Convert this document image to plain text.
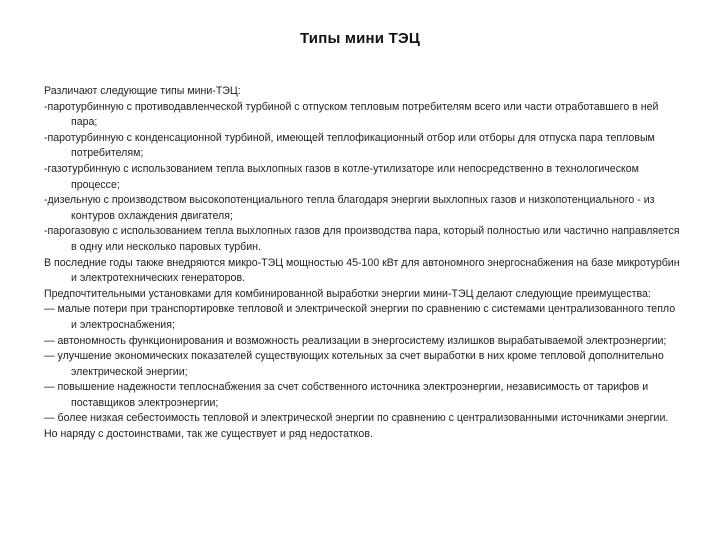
Типы мини ТЭЦ

Различают следующие типы мини-ТЭЦ:

-паротурбинную с противодавленческой турбиной с отпуском тепловым потребителям всего или части отработавшего в ней пара;

-паротурбинную с конденсационной турбиной, имеющей теплофикационный отбор или отборы для отпуска пара тепловым потребителям;

-газотурбинную с использованием тепла выхлопных газов в котле-утилизаторе или непосредственно в технологическом процессе;

-дизельную с производством высокопотенциального тепла благодаря энергии выхлопных газов и низкопотенциального - из контуров охлаждения двигателя;

-парогазовую с использованием тепла выхлопных газов для производства пара, который полностью или частично направляется в одну или несколько паровых турбин.

В последние годы также внедряются микро-ТЭЦ мощностью 45-100 кВт для автономного энергоснабжения на базе микротурбин и электротехнических генераторов.

Предпочтительными установками для комбинированной выработки энергии мини-ТЭЦ делают следующие преимущества:

— малые потери при транспортировке тепловой и электрической энергии по сравнению с системами централизованного тепло и электроснабжения;

— автономность функционирования и возможность реализации в энергосистему излишков вырабатываемой электроэнергии;

— улучшение экономических показателей существующих котельных за счет выработки в них кроме тепловой дополнительно электрической энергии;

— повышение надежности теплоснабжения за счет собственного источника электроэнергии, независимость от тарифов и поставщиков электроэнергии;

— более низкая себестоимость тепловой и электрической энергии по сравнению с централизованными источниками энергии.

Но наряду с достоинствами, так же существует и ряд недостатков.
